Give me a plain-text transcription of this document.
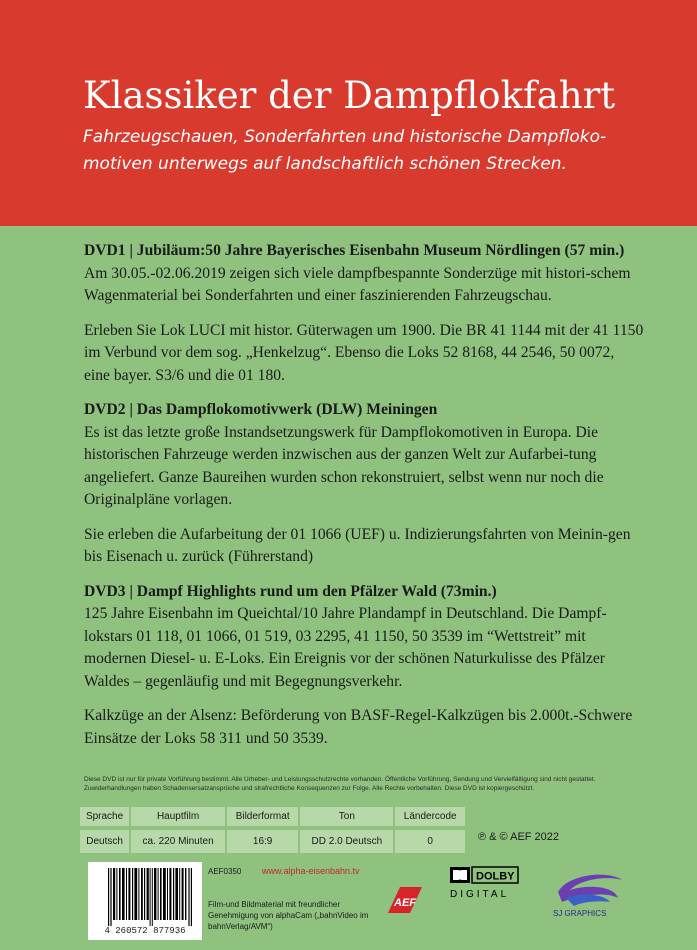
Klassiker der Dampflokfahrt
Fahrzeugschauen, Sonderfahrten und historische Dampfloko-motiven unterwegs auf landschaftlich schönen Strecken.
DVD1 | Jubiläum:50 Jahre Bayerisches Eisenbahn Museum Nördlingen (57 min.)

Am 30.05.-02.06.2019 zeigen sich viele dampfbespannte Sonderzüge mit histori-schem Wagenmaterial bei Sonderfahrten und einer faszinierenden Fahrzeugschau.

Erleben Sie Lok LUCI mit histor. Güterwagen um 1900. Die BR 41 1144 mit der 41 1150 im Verbund vor dem sog. „Henkelzug“. Ebenso die Loks 52 8168, 44 2546, 50 0072, eine bayer. S3/6 und die 01 180.

DVD2 | Das Dampflokomotivwerk (DLW) Meiningen

Es ist das letzte große Instandsetzungswerk für Dampflokomotiven in Europa. Die historischen Fahrzeuge werden inzwischen aus der ganzen Welt zur Aufarbei-tung angeliefert. Ganze Baureihen wurden schon rekonstruiert, selbst wenn nur noch die Originalpläne vorlagen.

Sie erleben die Aufarbeitung der 01 1066 (UEF) u. Indizierungsfahrten von Meinin-gen bis Eisenach u. zurück (Führerstand)

DVD3 | Dampf Highlights rund um den Pfälzer Wald (73min.)

125 Jahre Eisenbahn im Queichtal/10 Jahre Plandampf in Deutschland. Die Dampf-lokstars 01 118, 01 1066, 01 519, 03 2295, 41 1150, 50 3539 im “Wettstreit” mit modernen Diesel- u. E-Loks. Ein Ereignis vor der schönen Naturkulisse des Pfälzer Waldes – gegenläufig und mit Begegnungsverkehr.

Kalkzüge an der Alsenz: Beförderung von BASF-Regel-Kalkzügen bis 2.000t.-Schwere Einsätze der Loks 58 311 und 50 3539.

Diese DVD ist nur für private Vorführung bestimmt. Alle Urheber- und Leistungsschutzrechte vorhanden. Öffentliche Vorführung, Sendung und Vervielfältigung sind nicht gestattet. Zuwiderhandlungen haben Schadensersatzansprüche und strafrechtliche Konsequenzen zur Folge. Alle Rechte vorbehalten. Diese DVD ist kopiergeschützt.
Sprache	Hauptfilm	Bilderformat	Ton	Ländercode
Deutsch	ca. 220 Minuten	16:9	DD 2.0 Deutsch	0	℗ & © AEF 2022
4 260572 877936
AEF0350 www.alpha-eisenbahn.tv
Film-und Bildmaterial mit freundlicher Genehmigung von alphaCam („bahnVideo im bahnVerlag/AVM“)
AEF
DOLBY
DIGITAL
SJ GRAPHICS
